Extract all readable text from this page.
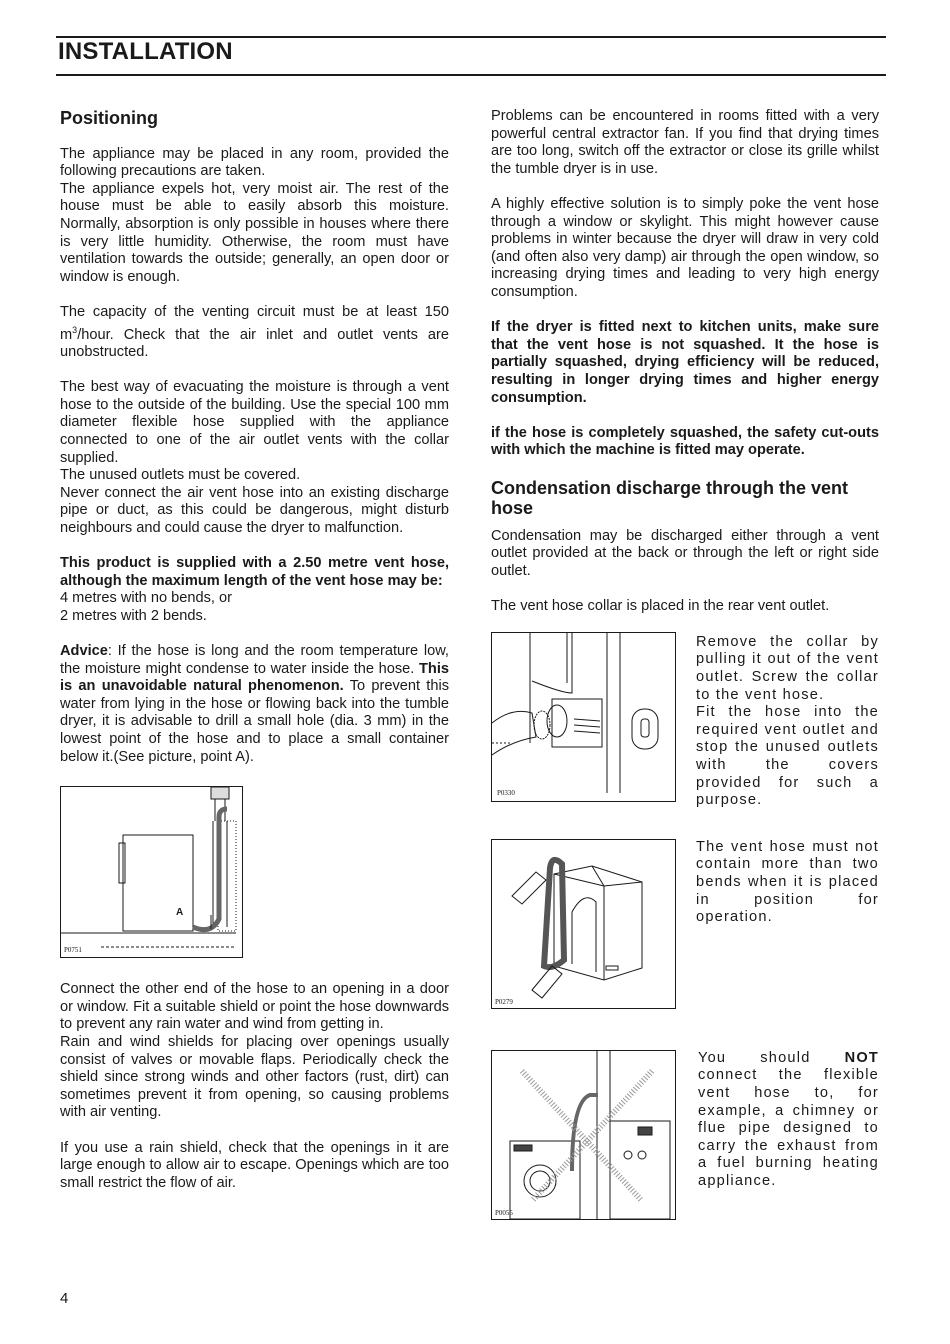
INSTALLATION
Positioning

The appliance may be placed in any room, provided the following precautions are taken.

The appliance expels hot, very moist air. The rest of the house must be able to easily absorb this moisture. Normally, absorption is only possible in houses where there is very little humidity. Otherwise, the room must have ventilation towards the outside; generally, an open door or window is enough.

The capacity of the venting circuit must be at least 150 $m^3$/hour. Check that the air inlet and outlet vents are unobstructed.

The best way of evacuating the moisture is through a vent hose to the outside of the building. Use the special 100 mm diameter flexible hose supplied with the appliance connected to one of the air outlet vents with the collar supplied.

The unused outlets must be covered.

Never connect the air vent hose into an existing discharge pipe or duct, as this could be dangerous, might disturb neighbours and could cause the dryer to malfunction.

This product is supplied with a 2.50 metre vent hose, although the maximum length of the vent hose may be:

4 metres with no bends, or

2 metres with 2 bends.

Advice: If the hose is long and the room temperature low, the moisture might condense to water inside the hose. This is an unavoidable natural phenomenon. To prevent this water from lying in the hose or flowing back into the tumble dryer, it is advisable to drill a small hole (dia. 3 mm) in the lowest point of the hose and to place a small container below it.(See picture, point A).

A
P0751

Connect the other end of the hose to an opening in a door or window. Fit a suitable shield or point the hose downwards to prevent any rain water and wind from getting in.

Rain and wind shields for placing over openings usually consist of valves or movable flaps. Periodically check the shield since strong winds and other factors (rust, dirt) can sometimes prevent it from opening, so causing problems with air venting.

If you use a rain shield, check that the openings in it are large enough to allow air to escape. Openings which are too small restrict the flow of air.

Problems can be encountered in rooms fitted with a very powerful central extractor fan. If you find that drying times are too long, switch off the extractor or close its grille whilst the tumble dryer is in use.

A highly effective solution is to simply poke the vent hose through a window or skylight. This might however cause problems in winter because the dryer will draw in very cold (and often also very damp) air through the open window, so increasing drying times and leading to very high energy consumption.

If the dryer is fitted next to kitchen units, make sure that the vent hose is not squashed. It the hose is partially squashed, drying efficiency will be reduced, resulting in longer drying times and higher energy consumption.

if the hose is completely squashed, the safety cut-outs with which the machine is fitted may operate.

Condensation discharge through the vent hose

Condensation may be discharged either through a vent outlet provided at the back or through the left or right side outlet.

The vent hose collar is placed in the rear vent outlet.

P0330

Remove the collar by pulling it out of the vent outlet. Screw the collar to the vent hose.

Fit the hose into the required vent outlet and stop the unused outlets with the covers provided for such a purpose.

P0279

The vent hose must not contain more than two bends when it is placed in position for operation.

P0055

You should NOT connect the flexible vent hose to, for example, a chimney or flue pipe designed to carry the exhaust from a fuel burning heating appliance.

4
